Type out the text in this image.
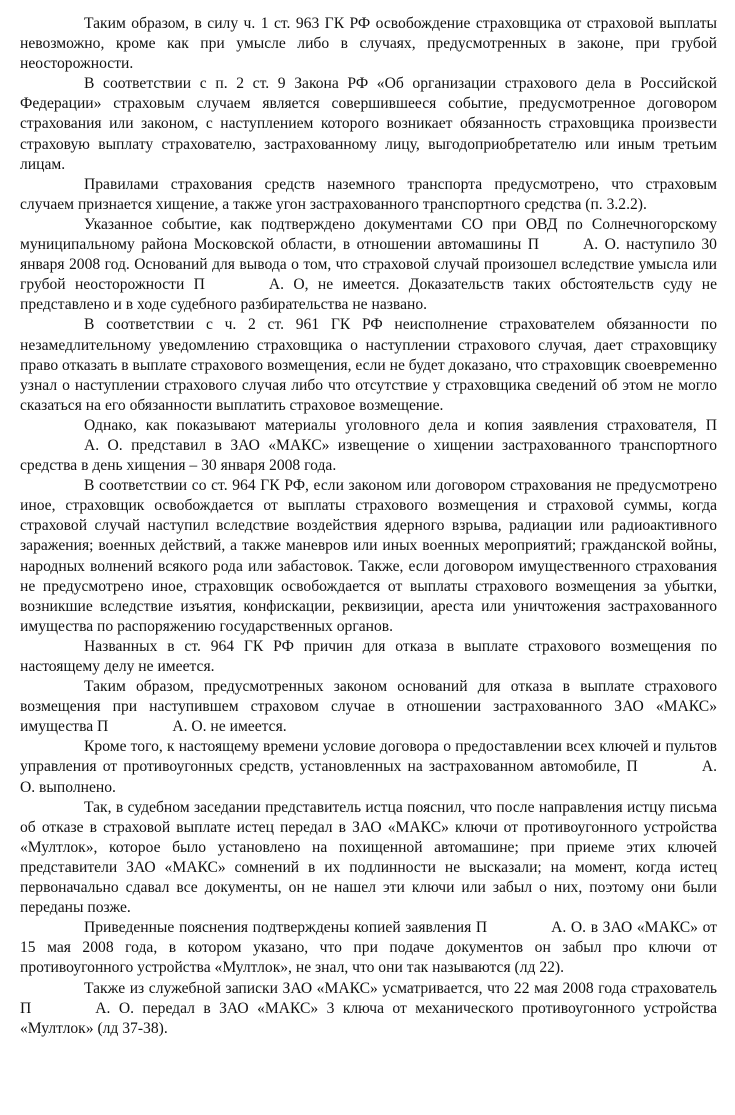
Таким образом, в силу ч. 1 ст. 963 ГК РФ освобождение страховщика от страховой выплаты невозможно, кроме как при умысле либо в случаях, предусмотренных в законе, при грубой неосторожности.

В соответствии с п. 2 ст. 9 Закона РФ «Об организации страхового дела в Российской Федерации» страховым случаем является совершившееся событие, предусмотренное договором страхования или законом, с наступлением которого возникает обязанность страховщика произвести страховую выплату страхователю, застрахованному лицу, выгодоприобретателю или иным третьим лицам.

Правилами страхования средств наземного транспорта предусмотрено, что страховым случаем признается хищение, а также угон застрахованного транспортного средства (п. 3.2.2).

Указанное событие, как подтверждено документами СО при ОВД по Солнечногорскому муниципальному района Московской области, в отношении автомашины П	А. О. наступило 30 января 2008 год. Оснований для вывода о том, что страховой случай произошел вследствие умысла или грубой неосторожности П	А. О, не имеется. Доказательств таких обстоятельств суду не представлено и в ходе судебного разбирательства не названо.

В соответствии с ч. 2 ст. 961 ГК РФ неисполнение страхователем обязанности по незамедлительному уведомлению страховщика о наступлении страхового случая, дает страховщику право отказать в выплате страхового возмещения, если не будет доказано, что страховщик своевременно узнал о наступлении страхового случая либо что отсутствие у страховщика сведений об этом не могло сказаться на его обязанности выплатить страховое возмещение.

Однако, как показывают материалы уголовного дела и копия заявления страхователя, ПА. О. представил в ЗАО «МАКС» извещение о хищении застрахованного транспортного средства в день хищения – 30 января 2008 года.

В соответствии со ст. 964 ГК РФ, если законом или договором страхования не предусмотрено иное, страховщик освобождается от выплаты страхового возмещения и страховой суммы, когда страховой случай наступил вследствие воздействия ядерного взрыва, радиации или радиоактивного заражения; военных действий, а также маневров или иных военных мероприятий; гражданской войны, народных волнений всякого рода или забастовок. Также, если договором имущественного страхования не предусмотрено иное, страховщик освобождается от выплаты страхового возмещения за убытки, возникшие вследствие изъятия, конфискации, реквизиции, ареста или уничтожения застрахованного имущества по распоряжению государственных органов.

Названных в ст. 964 ГК РФ причин для отказа в выплате страхового возмещения по настоящему делу не имеется.

Таким образом, предусмотренных законом оснований для отказа в выплате страхового возмещения при наступившем страховом случае в отношении застрахованного ЗАО «МАКС» имущества П	А. О. не имеется.

Кроме того, к настоящему времени условие договора о предоставлении всех ключей и пультов управления от противоугонных средств, установленных на застрахованном автомобиле, П	А. О. выполнено.

Так, в судебном заседании представитель истца пояснил, что после направления истцу письма об отказе в страховой выплате истец передал в ЗАО «МАКС» ключи от противоугонного устройства «Мултлок», которое было установлено на похищенной автомашине; при приеме этих ключей представители ЗАО «МАКС» сомнений в их подлинности не высказали; на момент, когда истец первоначально сдавал все документы, он не нашел эти ключи или забыл о них, поэтому они были переданы позже.

Приведенные пояснения подтверждены копией заявления П	А. О. в ЗАО «МАКС» от 15 мая 2008 года, в котором указано, что при подаче документов он забыл про ключи от противоугонного устройства «Мултлок», не знал, что они так называются (лд 22).

Также из служебной записки ЗАО «МАКС» усматривается, что 22 мая 2008 года страхователь П	А. О. передал в ЗАО «МАКС» 3 ключа от механического противоугонного устройства «Мултлок» (лд 37-38).
